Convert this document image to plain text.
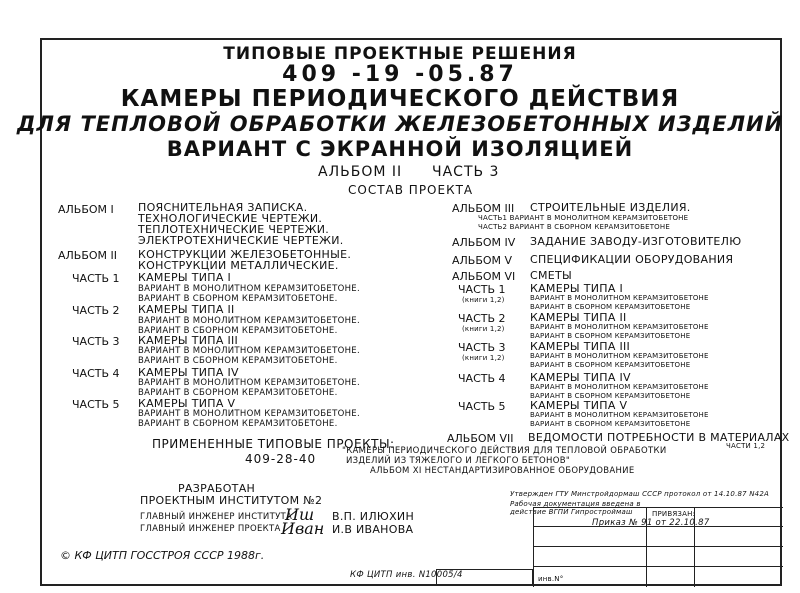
ТИПОВЫЕ ПРОЕКТНЫЕ РЕШЕНИЯ
409 -19 -05.87
КАМЕРЫ ПЕРИОДИЧЕСКОГО ДЕЙСТВИЯ
ДЛЯ ТЕПЛОВОЙ ОБРАБОТКИ ЖЕЛЕЗОБЕТОННЫХ ИЗДЕЛИЙ
ВАРИАНТ С ЭКРАННОЙ ИЗОЛЯЦИЕЙ
АЛЬБОМ II ЧАСТЬ 3
СОСТАВ ПРОЕКТА
АЛЬБОМ I ПОЯСНИТЕЛЬНАЯ ЗАПИСКА.
ТЕХНОЛОГИЧЕСКИЕ ЧЕРТЕЖИ.
ТЕПЛОТЕХНИЧЕСКИЕ ЧЕРТЕЖИ.
ЭЛЕКТРОТЕХНИЧЕСКИЕ ЧЕРТЕЖИ.
АЛЬБОМ II КОНСТРУКЦИИ ЖЕЛЕЗОБЕТОННЫЕ.
КОНСТРУКЦИИ МЕТАЛЛИЧЕСКИЕ.
ЧАСТЬ 1 КАМЕРЫ ТИПА I
ВАРИАНТ В МОНОЛИТНОМ КЕРАМЗИТОБЕТОНЕ.
ВАРИАНТ В СБОРНОМ КЕРАМЗИТОБЕТОНЕ.
ЧАСТЬ 2 КАМЕРЫ ТИПА II
ВАРИАНТ В МОНОЛИТНОМ КЕРАМЗИТОБЕТОНЕ.
ВАРИАНТ В СБОРНОМ КЕРАМЗИТОБЕТОНЕ.
ЧАСТЬ 3 КАМЕРЫ ТИПА III
ВАРИАНТ В МОНОЛИТНОМ КЕРАМЗИТОБЕТОНЕ.
ВАРИАНТ В СБОРНОМ КЕРАМЗИТОБЕТОНЕ.
ЧАСТЬ 4 КАМЕРЫ ТИПА IV
ВАРИАНТ В МОНОЛИТНОМ КЕРАМЗИТОБЕТОНЕ.
ВАРИАНТ В СБОРНОМ КЕРАМЗИТОБЕТОНЕ.
ЧАСТЬ 5 КАМЕРЫ ТИПА V
ВАРИАНТ В МОНОЛИТНОМ КЕРАМЗИТОБЕТОНЕ.
ВАРИАНТ В СБОРНОМ КЕРАМЗИТОБЕТОНЕ.
АЛЬБОМ III СТРОИТЕЛЬНЫЕ ИЗДЕЛИЯ.
ЧАСТЬ1 ВАРИАНТ В МОНОЛИТНОМ КЕРАМЗИТОБЕТОНЕ
ЧАСТЬ2 ВАРИАНТ В СБОРНОМ КЕРАМЗИТОБЕТОНЕ
АЛЬБОМ IV ЗАДАНИЕ ЗАВОДУ-ИЗГОТОВИТЕЛЮ
АЛЬБОМ V СПЕЦИФИКАЦИИ ОБОРУДОВАНИЯ
АЛЬБОМ VI СМЕТЫ
ЧАСТЬ 1
(книги 1,2)
КАМЕРЫ ТИПА I
ВАРИАНТ В МОНОЛИТНОМ КЕРАМЗИТОБЕТОНЕ
ВАРИАНТ В СБОРНОМ КЕРАМЗИТОБЕТОНЕ
ЧАСТЬ 2
(книги 1,2)
КАМЕРЫ ТИПА II
ВАРИАНТ В МОНОЛИТНОМ КЕРАМЗИТОБЕТОНЕ
ВАРИАНТ В СБОРНОМ КЕРАМЗИТОБЕТОНЕ
ЧАСТЬ 3
(книги 1,2)
КАМЕРЫ ТИПА III
ВАРИАНТ В МОНОЛИТНОМ КЕРАМЗИТОБЕТОНЕ
ВАРИАНТ В СБОРНОМ КЕРАМЗИТОБЕТОНЕ
ЧАСТЬ 4 КАМЕРЫ ТИПА IV
ВАРИАНТ В МОНОЛИТНОМ КЕРАМЗИТОБЕТОНЕ
ВАРИАНТ В СБОРНОМ КЕРАМЗИТОБЕТОНЕ
ЧАСТЬ 5 КАМЕРЫ ТИПА V
ВАРИАНТ В МОНОЛИТНОМ КЕРАМЗИТОБЕТОНЕ
ВАРИАНТ В СБОРНОМ КЕРАМЗИТОБЕТОНЕ
АЛЬБОМ VII ВЕДОМОСТИ ПОТРЕБНОСТИ В МАТЕРИАЛАХ
ЧАСТИ 1,2
ПРИМЕНЕННЫЕ ТИПОВЫЕ ПРОЕКТЫ:
409-28-40
"КАМЕРЫ ПЕРИОДИЧЕСКОГО ДЕЙСТВИЯ ДЛЯ ТЕПЛОВОЙ ОБРАБОТКИ
ИЗДЕЛИЙ ИЗ ТЯЖЕЛОГО И ЛЕГКОГО БЕТОНОВ"
АЛЬБОМ XI НЕСТАНДАРТИЗИРОВАННОЕ ОБОРУДОВАНИЕ
РАЗРАБОТАН
ПРОЕКТНЫМ ИНСТИТУТОМ №2
ГЛАВНЫЙ ИНЖЕНЕР ИНСТИТУТА
ГЛАВНЫЙ ИНЖЕНЕР ПРОЕКТА
Иш
Иван
В.П. ИЛЮХИН
И.В ИВАНОВА
© КФ ЦИТП ГОССТРОЯ СССР 1988г.
Утвержден ГТУ Минстройдормаш СССР протокол от 14.10.87 N42А
Рабочая документация введена в
действие ВГПИ Гипростроймаш
Приказ № 91 от 22.10.87
ПРИВЯЗАН:
инв.N°
КФ ЦИТП инв. N10005/4
